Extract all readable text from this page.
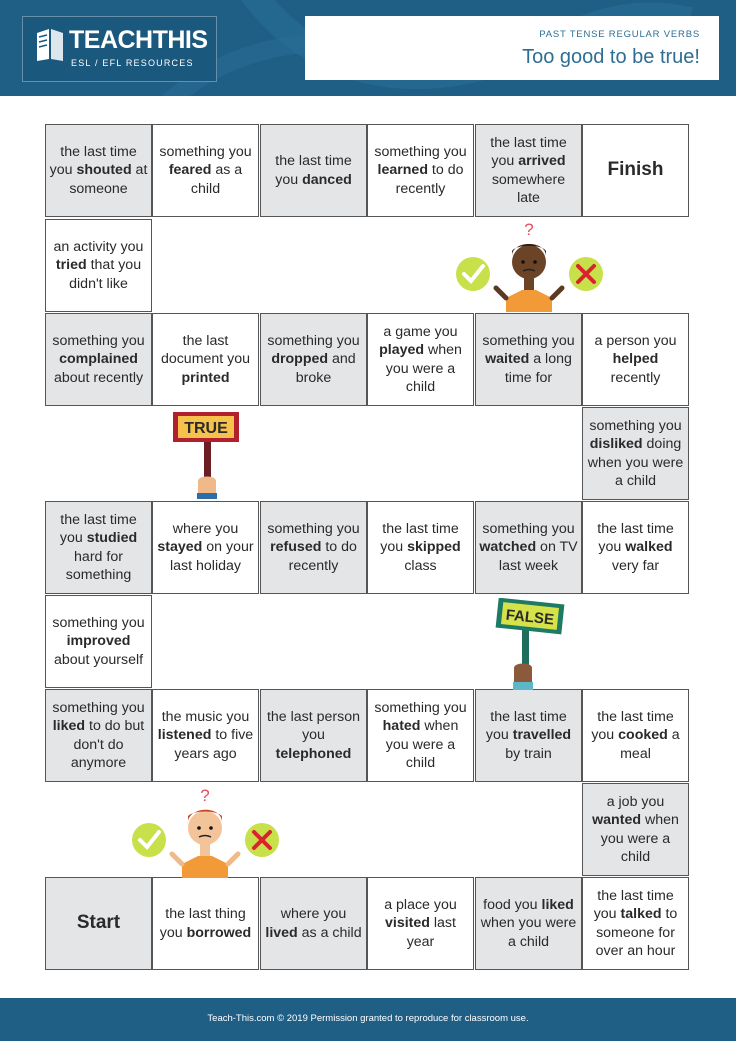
TEACHTHIS
ESL / EFL RESOURCES
PAST TENSE REGULAR VERBS
Too good to be true!
the last time you shouted at someone
something you feared as a child
the last time you danced
something you learned to do recently
the last time you arrived somewhere late
Finish
an activity you tried that you didn't like
something you complained about recently
the last document you printed
something you dropped and broke
a game you played when you were a child
something you waited a long time for
a person you helped recently
something you disliked doing when you were a child
the last time you studied hard for something
where you stayed on your last holiday
something you refused to do recently
the last time you skipped class
something you watched on TV last week
the last time you walked very far
something you improved about yourself
something you liked to do but don't do anymore
the music you listened to five years ago
the last person you telephoned
something you hated when you were a child
the last time you travelled by train
the last time you cooked a meal
a job you wanted when you were a child
Start	the last thing you borrowed
where you lived as a child
a place you visited last year
food you liked when you were a child
the last time you talked to someone for over an hour
?
TRUE
FALSE
?
Teach-This.com © 2019 Permission granted to reproduce for classroom use.
